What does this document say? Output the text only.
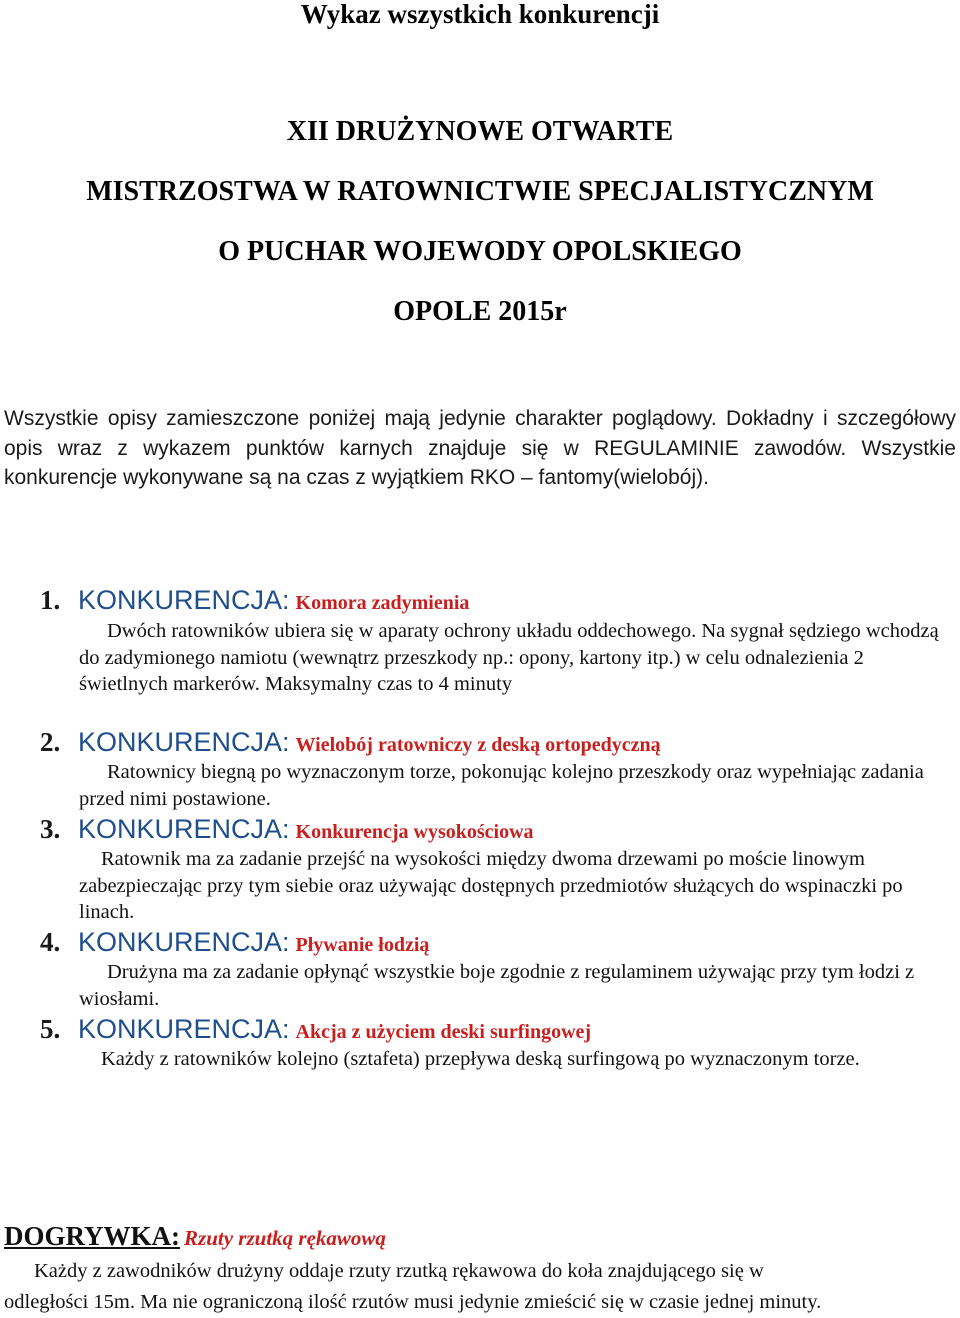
Wykaz wszystkich konkurencji
XII DRUŻYNOWE OTWARTE
MISTRZOSTWA W RATOWNICTWIE SPECJALISTYCZNYM
O PUCHAR WOJEWODY OPOLSKIEGO
OPOLE 2015r

Wszystkie opisy zamieszczone poniżej mają jedynie charakter poglądowy. Dokładny i szczegółowy opis wraz z wykazem punktów karnych znajduje się w REGULAMINIE zawodów. Wszystkie konkurencje wykonywane są na czas z wyjątkiem RKO – fantomy(wielobój).

1. KONKURENCJA: Komora zadymienia

Dwóch ratowników ubiera się w aparaty ochrony układu oddechowego. Na sygnał sędziego wchodzą do zadymionego namiotu (wewnątrz przeszkody np.: opony, kartony itp.) w celu odnalezienia 2 świetlnych markerów. Maksymalny czas to 4 minuty

2. KONKURENCJA: Wielobój ratowniczy z deską ortopedyczną

Ratownicy biegną po wyznaczonym torze, pokonując kolejno przeszkody oraz wypełniając zadania przed nimi postawione.

3. KONKURENCJA: Konkurencja wysokościowa

Ratownik ma za zadanie przejść na wysokości między dwoma drzewami po moście linowym zabezpieczając przy tym siebie oraz używając dostępnych przedmiotów służących do wspinaczki po linach.

4. KONKURENCJA: Pływanie łodzią

Drużyna ma za zadanie opłynąć wszystkie boje zgodnie z regulaminem używając przy tym łodzi z wiosłami.

5. KONKURENCJA: Akcja z użyciem deski surfingowej

Każdy z ratowników kolejno (sztafeta) przepływa deską surfingową po wyznaczonym torze.

DOGRYWKA: Rzuty rzutką rękawową

Każdy z zawodników drużyny oddaje rzuty rzutką rękawowa do koła znajdującego się w

odległości 15m. Ma nie ograniczoną ilość rzutów musi jedynie zmieścić się w czasie jednej minuty.
